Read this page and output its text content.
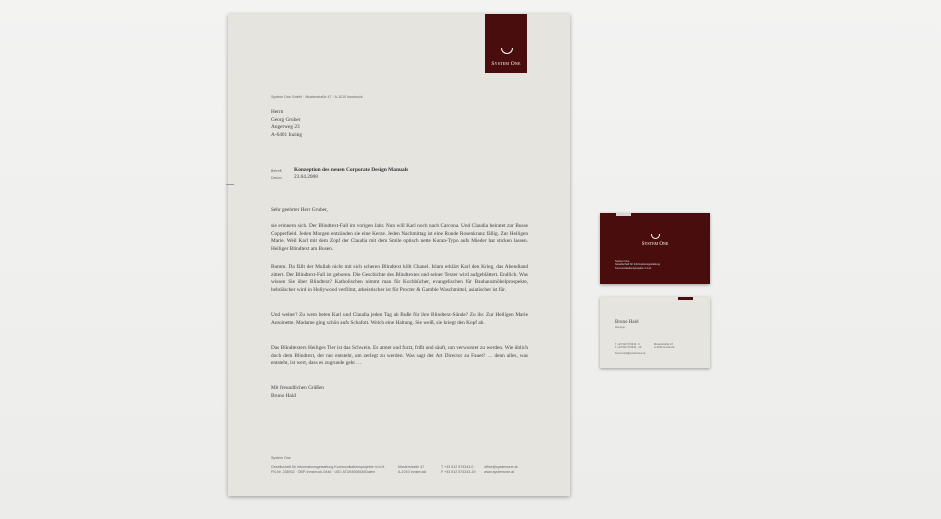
System One
System One GmbH · Musterstraße 47 · A-1010 Innsbruck
Herrn
Georg Gruber
Angerweg 23
A-6401 Inzing
Betreff Konzeption des neuen Corporate Design Manuals
Datum 23.04.2008
Sehr geehrter Herr Gruber,
sie erinnern sich. Der Blindtext-Fall im vorigen Jahr. Nun will Karl noch nach Carcona. Und Claudia heiratet zur Busse Copperfield. Jeden Morgen entzünden sie eine Kerze. Jeden Nachmittag ist eine Runde Rosenkranz fällig. Zur Heiligen Marie. Weil Karl mit dem Zopf der Claudia mit dem Smile optisch nette Koran-Typo aufs Mieder hat sticken lassen. Heiliger Blindtext am Busen.
Bumm. Da fällt der Mullah nicht mit sich scheren Blindtext killt Chanel. Islam erklärt Karl den Krieg, das Abendland zittert. Der Blindtext-Fall ist geboren. Die Geschichte des Blindtextes und seiner Texter wird aufgeblättert. Endlich. Was wissen Sie über Blindtext? Katholischen nimmt man für Kochbücher, evangelischen für Bauhausmöbelprospekte, hebräischer wird in Hollywood verfilmt, atheistischer ist für Procter & Gamble Waschmittel, asiatischer ist für.
Und weiter? Zu wem beten Karl und Claudia jeden Tag ab Buße für ihre Blindtext-Sünde? Zu ihr. Zur Heiligen Marie Antoinette. Madame ging schön aufs Schafott. Welch eine Haltung. Sie weiß, sie kriegt den Kopf ab.
Das Blindtexters Heiliges Tier ist das Schwein. Es atmet und furzt, frißt und säuft, um verwurstet zu werden. Wie üblich doch dem Blindtext, der nur entsteht, um zerlegt zu werden. Was sagt der Art Director zu Fauet? … denn alles, was entsteht, ist wert, dass es zugrunde geht …
Mit freundlichen Grüßen
Bruno Haid
System One
Gesellschaft für Informationsgestaltung Kommunikationsprojekte m.b.H.
FN-Nr. 238932 · ÖBP-Innsbruck-0446 · UID: ATU54906545Daten
Musterstraße 47
A-1010 Innsbruck
T +43 512 574343-0
F +43 512 574343-19
office@systemone.at
www.systemone.at
System One
System One
Gesellschaft für Informationsgestaltung
Kommunikationsprojekte m.b.H.
Bruno Haid
Manager
T +43 512 574343 - 0
F +43 512 574343 - 19
Musterstraße 47
A-1010 Innsbruck
bruno.haid@systemone.at
